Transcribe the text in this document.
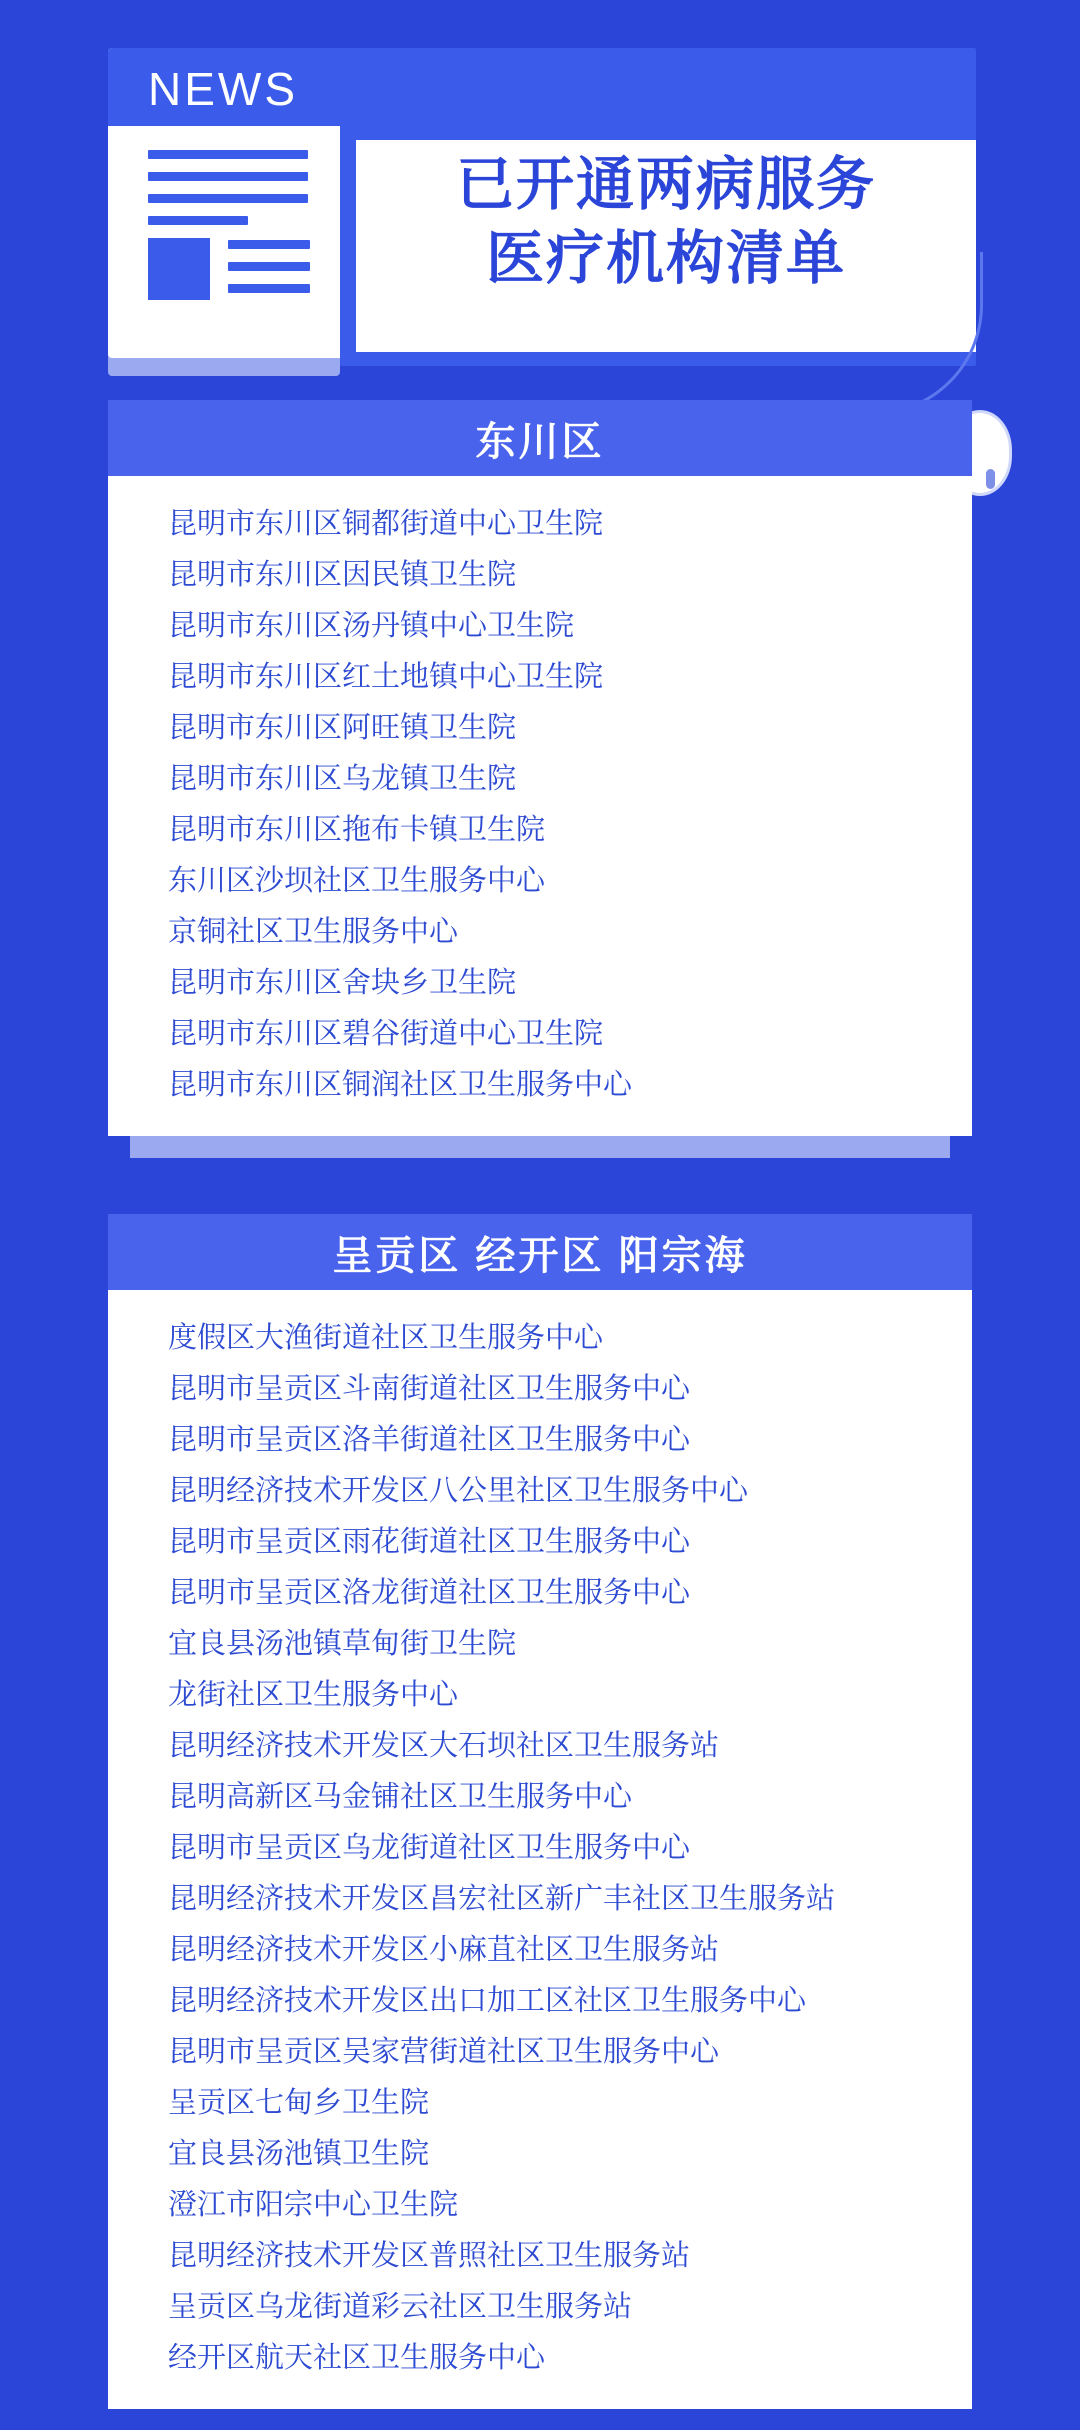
NEWS
已开通两病服务
医疗机构清单
东川区
昆明市东川区铜都街道中心卫生院
昆明市东川区因民镇卫生院
昆明市东川区汤丹镇中心卫生院
昆明市东川区红土地镇中心卫生院
昆明市东川区阿旺镇卫生院
昆明市东川区乌龙镇卫生院
昆明市东川区拖布卡镇卫生院
东川区沙坝社区卫生服务中心
京铜社区卫生服务中心
昆明市东川区舍块乡卫生院
昆明市东川区碧谷街道中心卫生院
昆明市东川区铜润社区卫生服务中心
呈贡区 经开区 阳宗海
度假区大渔街道社区卫生服务中心
昆明市呈贡区斗南街道社区卫生服务中心
昆明市呈贡区洛羊街道社区卫生服务中心
昆明经济技术开发区八公里社区卫生服务中心
昆明市呈贡区雨花街道社区卫生服务中心
昆明市呈贡区洛龙街道社区卫生服务中心
宜良县汤池镇草甸街卫生院
龙街社区卫生服务中心
昆明经济技术开发区大石坝社区卫生服务站
昆明高新区马金铺社区卫生服务中心
昆明市呈贡区乌龙街道社区卫生服务中心
昆明经济技术开发区昌宏社区新广丰社区卫生服务站
昆明经济技术开发区小麻苴社区卫生服务站
昆明经济技术开发区出口加工区社区卫生服务中心
昆明市呈贡区吴家营街道社区卫生服务中心
呈贡区七甸乡卫生院
宜良县汤池镇卫生院
澄江市阳宗中心卫生院
昆明经济技术开发区普照社区卫生服务站
呈贡区乌龙街道彩云社区卫生服务站
经开区航天社区卫生服务中心
